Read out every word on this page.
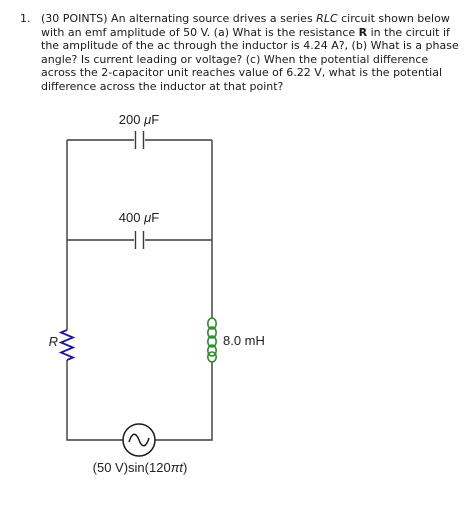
1. (30 POINTS) An alternating source drives a series RLC circuit shown below with an emf amplitude of 50 V. (a) What is the resistance R in the circuit if the amplitude of the ac through the inductor is 4.24 A?, (b) What is a phase angle? Is current leading or voltage? (c) When the potential difference across the 2-capacitor unit reaches value of 6.22 V, what is the potential difference across the inductor at that point?
200 μF
400 μF
R	8.0 mH
(50 V)sin(120πt)
